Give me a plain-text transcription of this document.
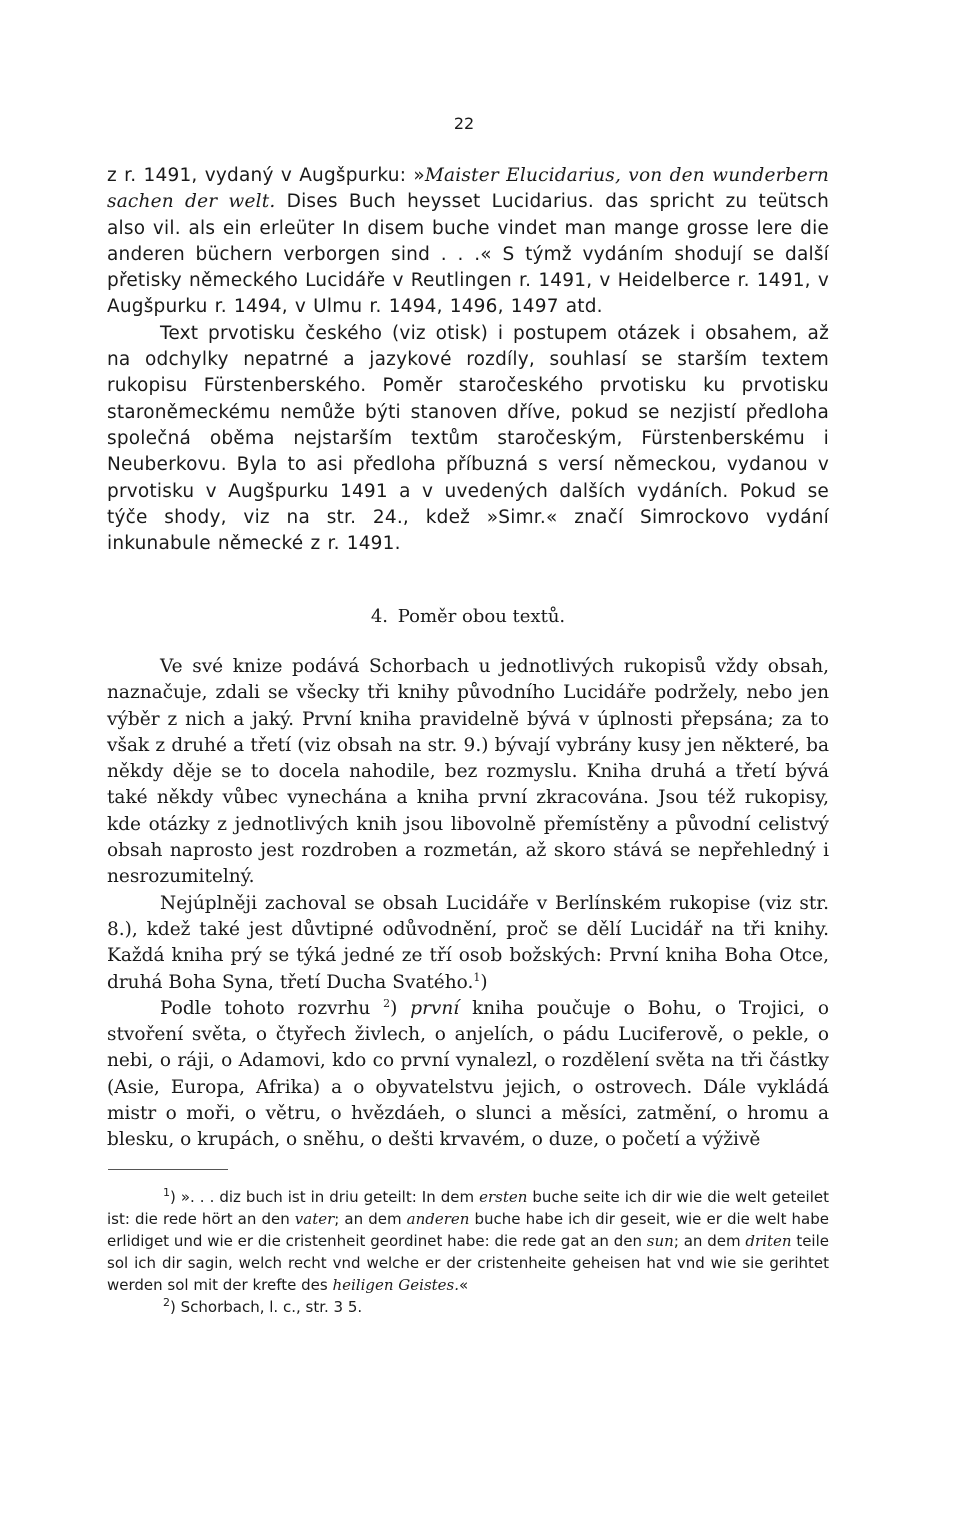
22

z r. 1491, vydaný v Augšpurku: »Maister Elucidarius, von den wunderbern sachen der welt. Dises Buch heysset Lucidarius. das spricht zu teütsch also vil. als ein erleüter In disem buche vindet man mange grosse lere die anderen büchern verborgen sind . . .« S týmž vydáním shodují se další přetisky německého Lucidáře v Reutlingen r. 1491, v Heidelberce r. 1491, v Augšpurku r. 1494, v Ulmu r. 1494, 1496, 1497 atd.

Text prvotisku českého (viz otisk) i postupem otázek i obsahem, až na odchylky nepatrné a jazykové rozdíly, souhlasí se starším textem rukopisu Fürstenberského. Poměr staročeského prvotisku ku prvotisku staroněmeckému nemůže býti stanoven dříve, pokud se nezjistí předloha společná oběma nejstarším textům staročeským, Fürstenberskému i Neuberkovu. Byla to asi předloha příbuzná s versí německou, vydanou v prvotisku v Augšpurku 1491 a v uvedených dalších vydáních. Pokud se týče shody, viz na str. 24., kdež »Simr.« značí Simrockovo vydání inkunabule německé z r. 1491.

4. Poměr obou textů.

Ve své knize podává Schorbach u jednotlivých rukopisů vždy obsah, naznačuje, zdali se všecky tři knihy původního Lucidáře podržely, nebo jen výběr z nich a jaký. První kniha pravidelně bývá v úplnosti přepsána; za to však z druhé a třetí (viz obsah na str. 9.) bývají vybrány kusy jen některé, ba někdy děje se to docela nahodile, bez rozmyslu. Kniha druhá a třetí bývá také někdy vůbec vynechána a kniha první zkracována. Jsou též rukopisy, kde otázky z jednotlivých knih jsou libovolně přemístěny a původní celistvý obsah naprosto jest rozdroben a rozmetán, až skoro stává se nepřehledný i nesrozumitelný.

Nejúplněji zachoval se obsah Lucidáře v Berlínském rukopise (viz str. 8.), kdež také jest důvtipné odůvodnění, proč se dělí Lucidář na tři knihy. Každá kniha prý se týká jedné ze tří osob božských: První kniha Boha Otce, druhá Boha Syna, třetí Ducha Svatého.$^1$)

Podle tohoto rozvrhu $^2$) první kniha poučuje o Bohu, o Trojici, o stvoření světa, o čtyřech živlech, o anjelích, o pádu Luciferově, o pekle, o nebi, o ráji, o Adamovi, kdo co první vynalezl, o rozdělení světa na tři částky (Asie, Europa, Afrika) a o obyvatelstvu jejich, o ostrovech. Dále vykládá mistr o moři, o větru, o hvězdáeh, o slunci a měsíci, zatmění, o hromu a blesku, o krupách, o sněhu, o dešti krvavém, o duze, o početí a výživě

$^1$) ». . . diz buch ist in driu geteilt: In dem ersten buche seite ich dir wie die welt geteilet ist: die rede hört an den vater; an dem anderen buche habe ich dir geseit, wie er die welt habe erlidiget und wie er die cristenheit geordinet habe: die rede gat an den sun; an dem driten teile sol ich dir sagin, welch recht vnd welche er der cristenheite geheisen hat vnd wie sie gerihtet werden sol mit der krefte des heiligen Geistes.«

$^2$) Schorbach, l. c., str. 3 5.
